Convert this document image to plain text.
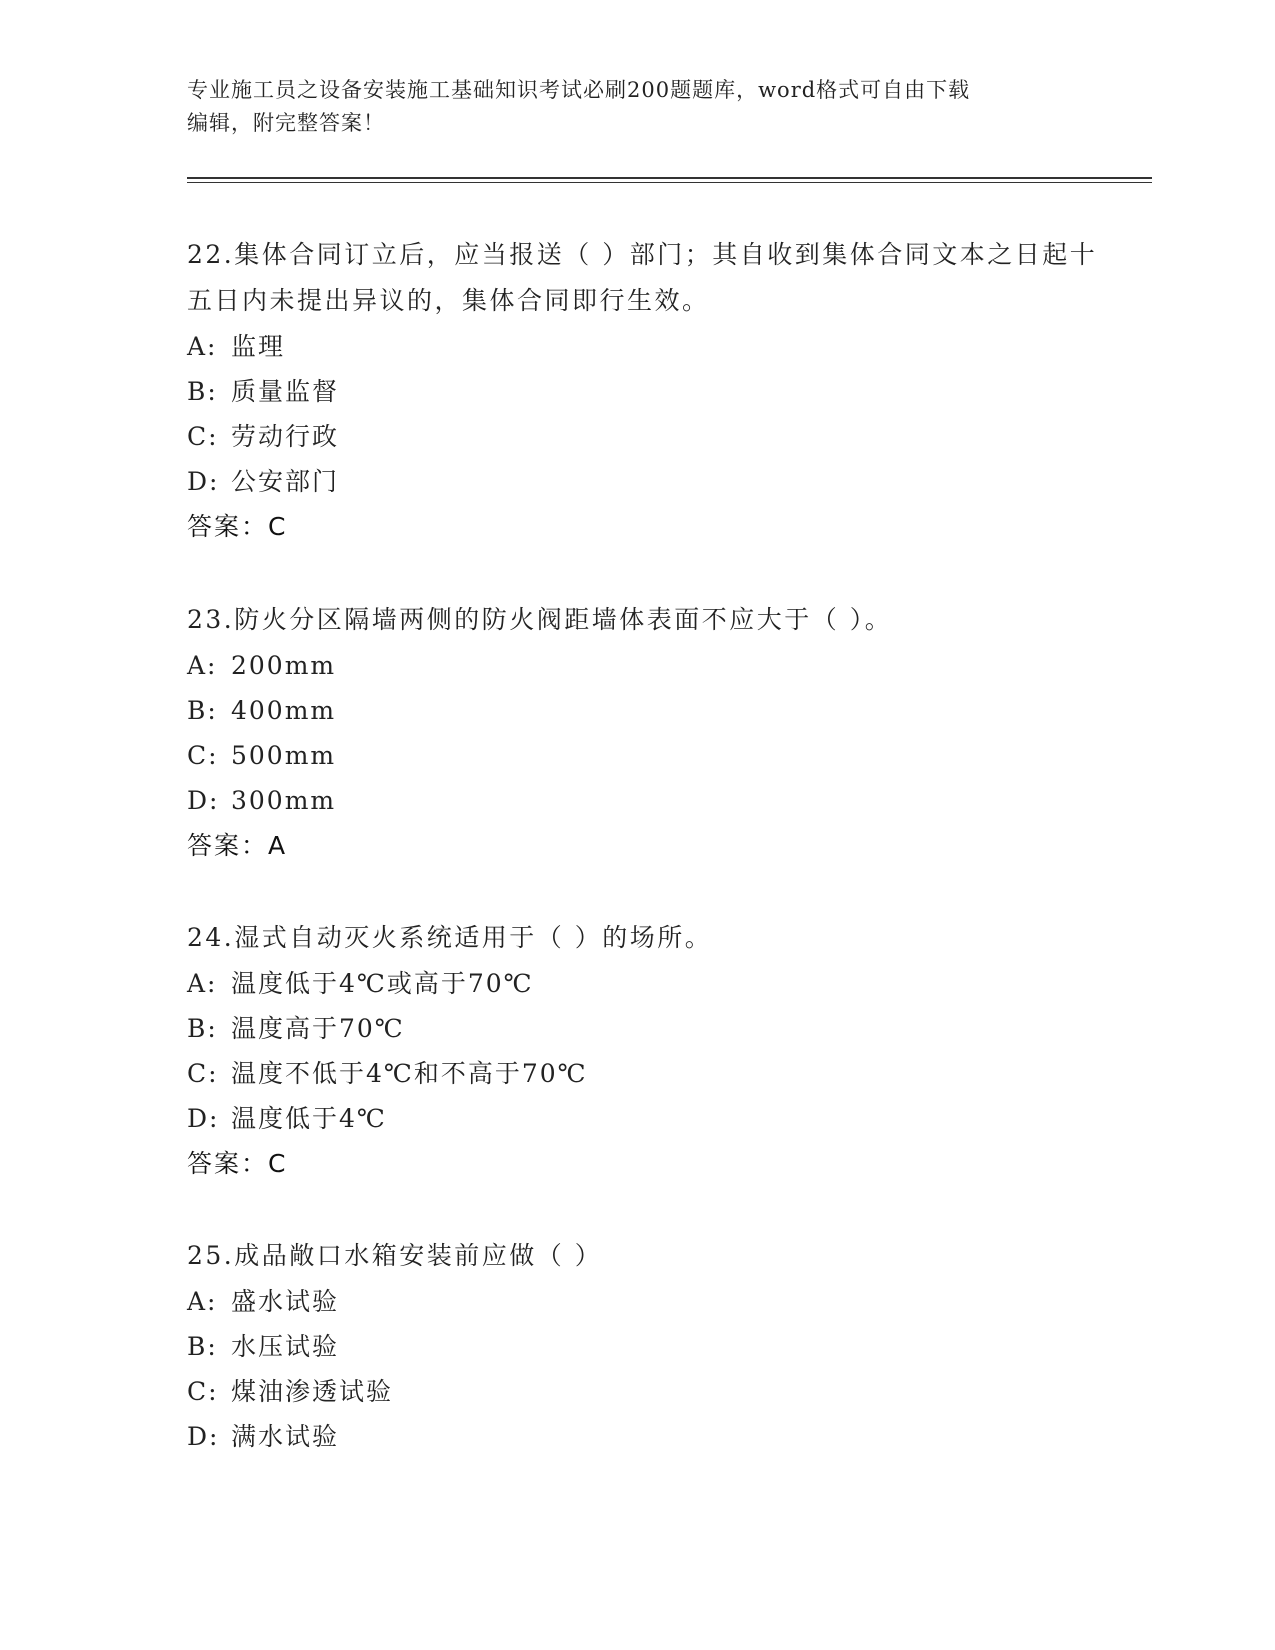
专业施工员之设备安装施工基础知识考试必刷200题题库，word格式可自由下载
编辑，附完整答案！

22.集体合同订立后，应当报送（ ）部门；其自收到集体合同文本之日起十五日内未提出异议的，集体合同即行生效。

A: 监理

B: 质量监督

C: 劳动行政

D: 公安部门

答案：C

23.防火分区隔墙两侧的防火阀距墙体表面不应大于（ ）。

A: 200mm

B: 400mm

C: 500mm

D: 300mm

答案：A

24.湿式自动灭火系统适用于（ ）的场所。

A: 温度低于4℃或高于70℃

B: 温度高于70℃

C: 温度不低于4℃和不高于70℃

D: 温度低于4℃

答案：C

25.成品敞口水箱安装前应做（ ）

A: 盛水试验

B: 水压试验

C: 煤油渗透试验

D: 满水试验
